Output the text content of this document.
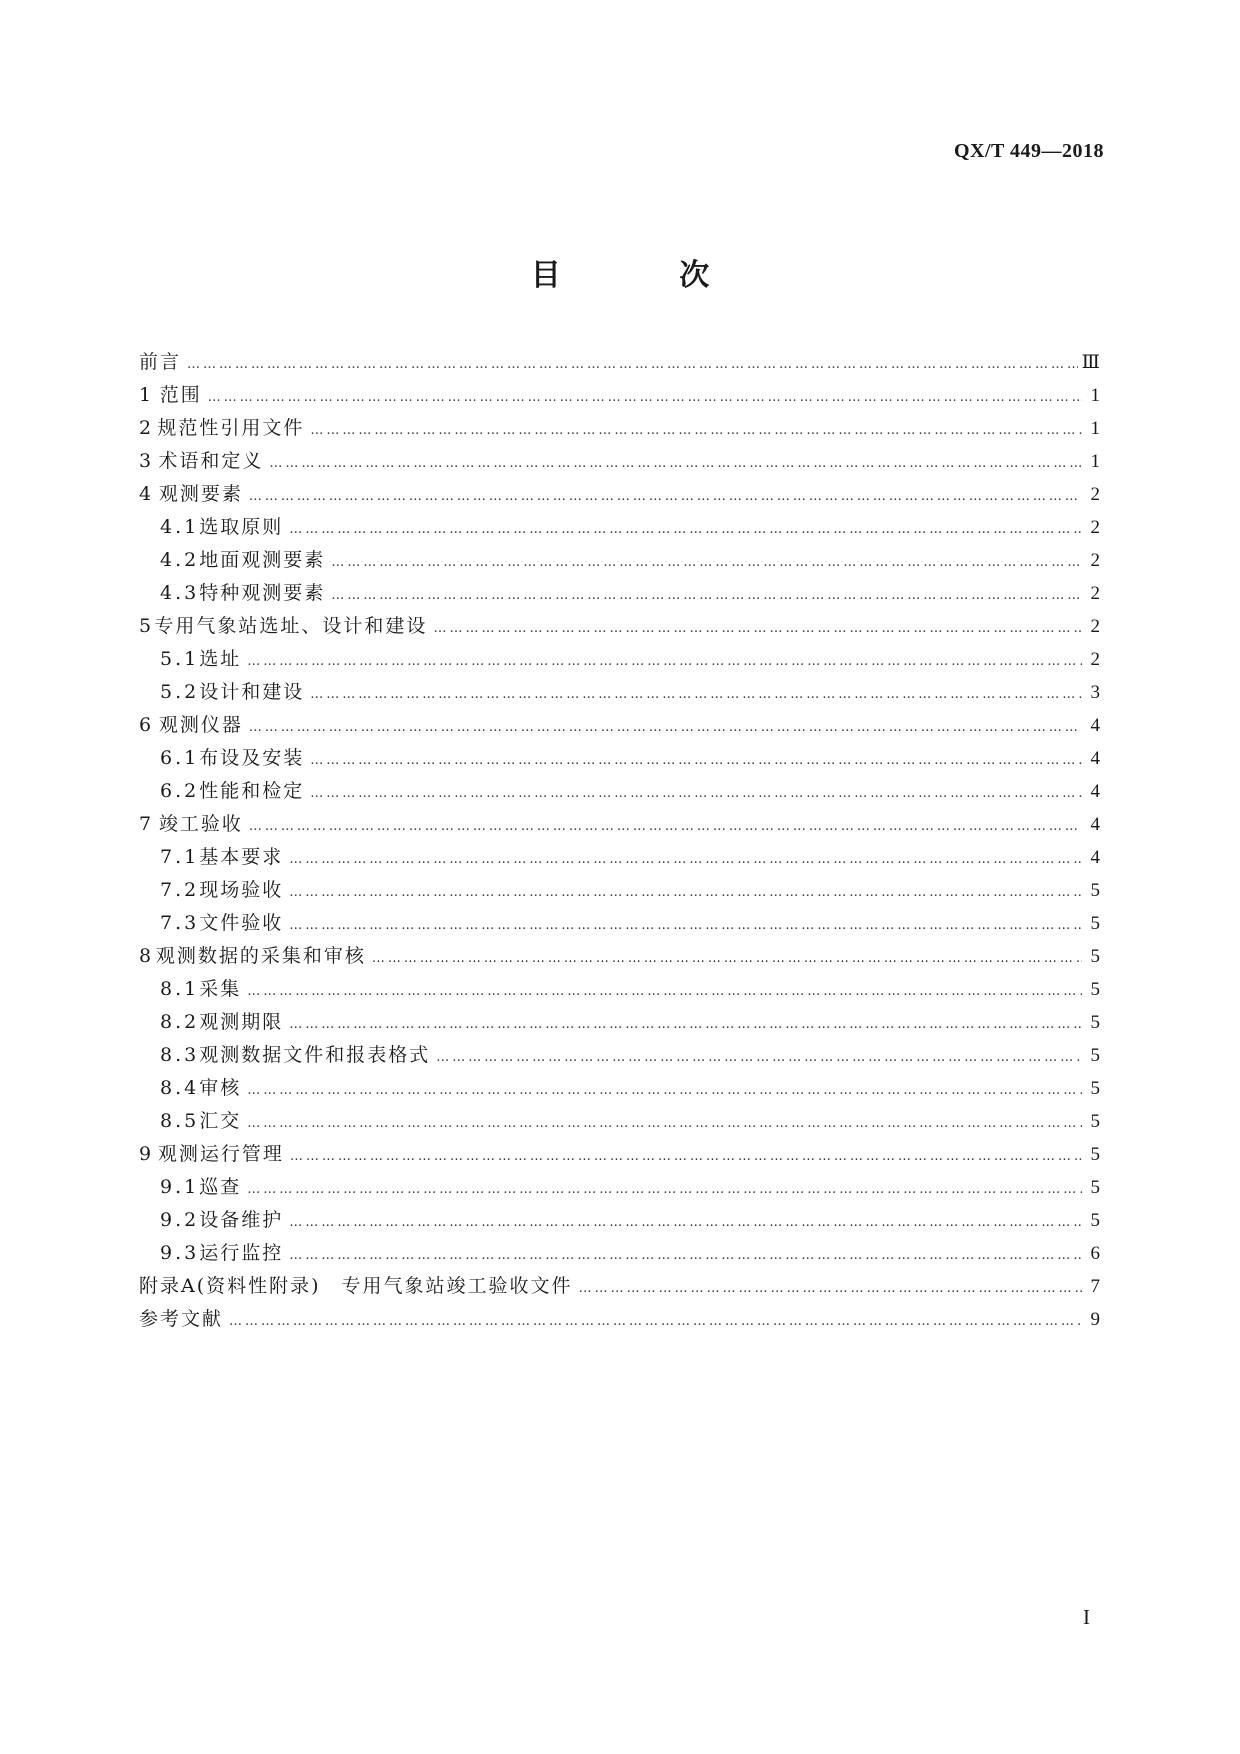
QX/T 449—2018
目 次
前言 ……………………………………………………………………………………………………………………………………………………………………………………………………………………………………………………	Ⅲ
1 范围 ……………………………………………………………………………………………………………………………………………………………………………………………………………………………………………………	1
2 规范性引用文件 ……………………………………………………………………………………………………………………………………………………………………………………………………………………………………………………	1
3 术语和定义 ……………………………………………………………………………………………………………………………………………………………………………………………………………………………………………………	1
4 观测要素 ……………………………………………………………………………………………………………………………………………………………………………………………………………………………………………………	2
4.1 选取原则 ……………………………………………………………………………………………………………………………………………………………………………………………………………………………………………………	2
4.2 地面观测要素 ……………………………………………………………………………………………………………………………………………………………………………………………………………………………………………………	2
4.3 特种观测要素 ……………………………………………………………………………………………………………………………………………………………………………………………………………………………………………………	2
5 专用气象站选址、设计和建设 ……………………………………………………………………………………………………………………………………………………………………………………………………………………………………………………	2
5.1 选址 ……………………………………………………………………………………………………………………………………………………………………………………………………………………………………………………	2
5.2 设计和建设 ……………………………………………………………………………………………………………………………………………………………………………………………………………………………………………………	3
6 观测仪器 ……………………………………………………………………………………………………………………………………………………………………………………………………………………………………………………	4
6.1 布设及安装 ……………………………………………………………………………………………………………………………………………………………………………………………………………………………………………………	4
6.2 性能和检定 ……………………………………………………………………………………………………………………………………………………………………………………………………………………………………………………	4
7 竣工验收 ……………………………………………………………………………………………………………………………………………………………………………………………………………………………………………………	4
7.1 基本要求 ……………………………………………………………………………………………………………………………………………………………………………………………………………………………………………………	4
7.2 现场验收 ……………………………………………………………………………………………………………………………………………………………………………………………………………………………………………………	5
7.3 文件验收 ……………………………………………………………………………………………………………………………………………………………………………………………………………………………………………………	5
8 观测数据的采集和审核 ……………………………………………………………………………………………………………………………………………………………………………………………………………………………………………………	5
8.1 采集 ……………………………………………………………………………………………………………………………………………………………………………………………………………………………………………………	5
8.2 观测期限 ……………………………………………………………………………………………………………………………………………………………………………………………………………………………………………………	5
8.3 观测数据文件和报表格式 ……………………………………………………………………………………………………………………………………………………………………………………………………………………………………………………	5
8.4 审核 ……………………………………………………………………………………………………………………………………………………………………………………………………………………………………………………	5
8.5 汇交 ……………………………………………………………………………………………………………………………………………………………………………………………………………………………………………………	5
9 观测运行管理 ……………………………………………………………………………………………………………………………………………………………………………………………………………………………………………………	5
9.1 巡查 ……………………………………………………………………………………………………………………………………………………………………………………………………………………………………………………	5
9.2 设备维护 ……………………………………………………………………………………………………………………………………………………………………………………………………………………………………………………	5
9.3 运行监控 ……………………………………………………………………………………………………………………………………………………………………………………………………………………………………………………	6
附录A(资料性附录)　专用气象站竣工验收文件 ……………………………………………………………………………………………………………………………………………………………………………………………………………………………………………………	7
参考文献 ……………………………………………………………………………………………………………………………………………………………………………………………………………………………………………………	9
I
